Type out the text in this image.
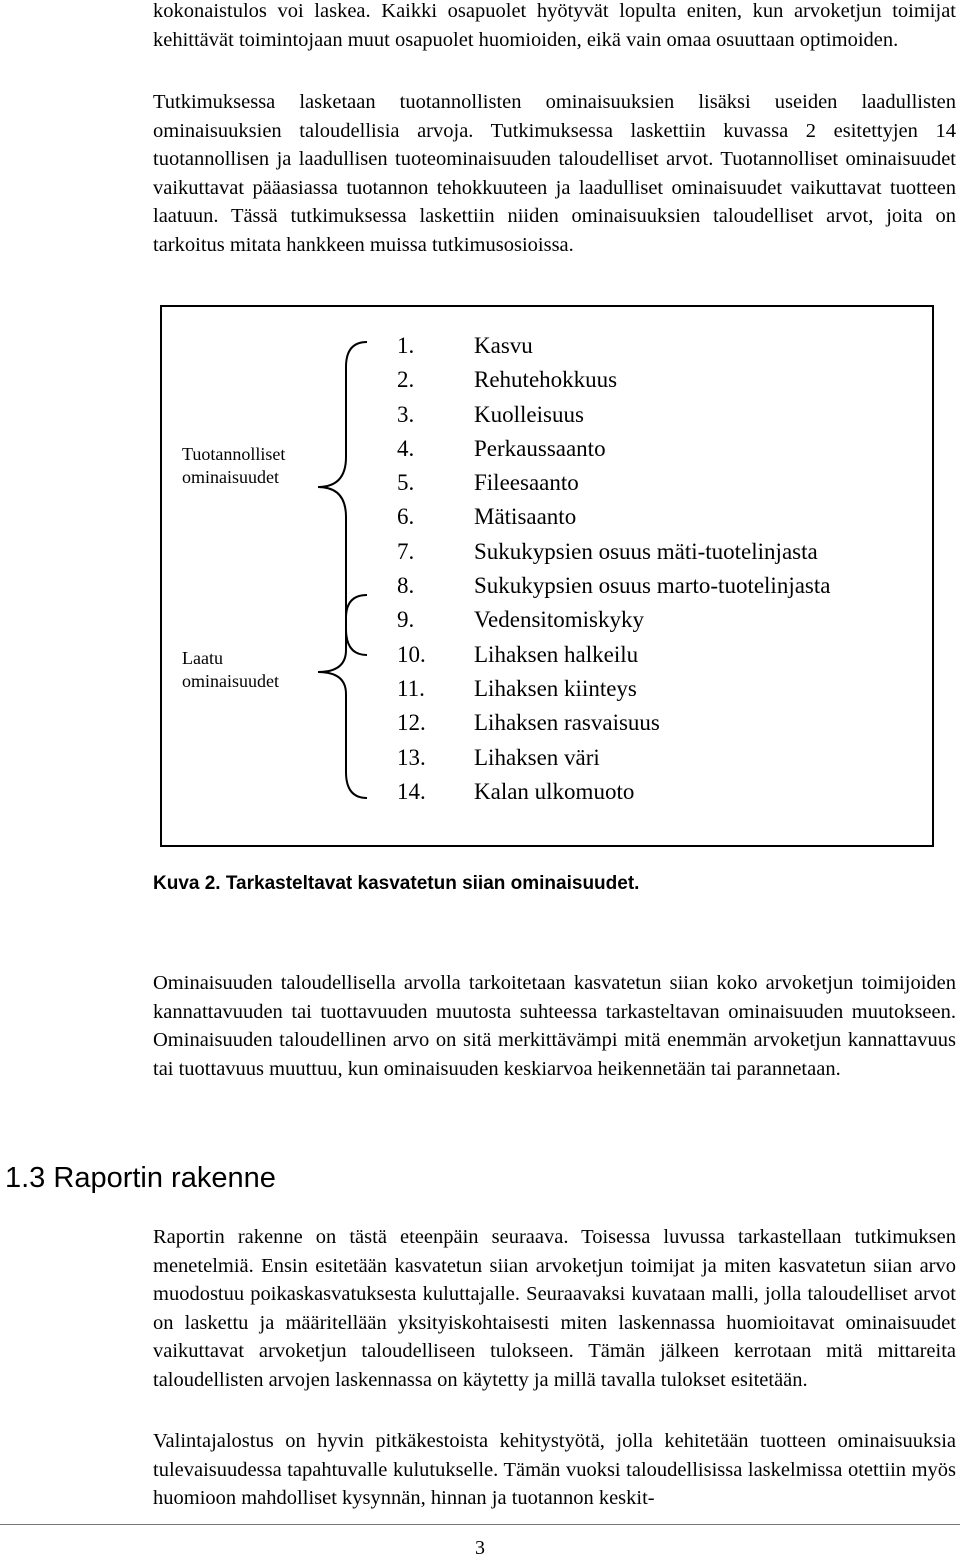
kokonaistulos voi laskea. Kaikki osapuolet hyötyvät lopulta eniten, kun arvoketjun toimijat kehittävät toimintojaan muut osapuolet huomioiden, eikä vain omaa osuuttaan optimoiden.

Tutkimuksessa lasketaan tuotannollisten ominaisuuksien lisäksi useiden laadullisten ominaisuuksien taloudellisia arvoja. Tutkimuksessa laskettiin kuvassa 2 esitettyjen 14 tuotannollisen ja laadullisen tuoteominaisuuden taloudelliset arvot. Tuotannolliset ominaisuudet vaikuttavat pääasiassa tuotannon tehokkuuteen ja laadulliset ominaisuudet vaikuttavat tuotteen laatuun. Tässä tutkimuksessa laskettiin niiden ominaisuuksien taloudelliset arvot, joita on tarkoitus mitata hankkeen muissa tutkimusosioissa.

Tuotannolliset
ominaisuudet
Laatu
ominaisuudet
1.	Kasvu
2.	Rehutehokkuus
3.	Kuolleisuus
4.	Perkaussaanto
5.	Fileesaanto
6.	Mätisaanto
7.	Sukukypsien osuus mäti-tuotelinjasta
8.	Sukukypsien osuus marto-tuotelinjasta
9.	Vedensitomiskyky
10. Lihaksen halkeilu
11. Lihaksen kiinteys
12. Lihaksen rasvaisuus
13. Lihaksen väri
14. Kalan ulkomuoto
Kuva 2. Tarkasteltavat kasvatetun siian ominaisuudet.

Ominaisuuden taloudellisella arvolla tarkoitetaan kasvatetun siian koko arvoketjun toimijoiden kannattavuuden tai tuottavuuden muutosta suhteessa tarkasteltavan ominaisuuden muutokseen. Ominaisuuden taloudellinen arvo on sitä merkittävämpi mitä enemmän arvoketjun kannattavuus tai tuottavuus muuttuu, kun ominaisuuden keskiarvoa heikennetään tai parannetaan.

1.3 Raportin rakenne

Raportin rakenne on tästä eteenpäin seuraava. Toisessa luvussa tarkastellaan tutkimuksen menetelmiä. Ensin esitetään kasvatetun siian arvoketjun toimijat ja miten kasvatetun siian arvo muodostuu poikaskasvatuksesta kuluttajalle. Seuraavaksi kuvataan malli, jolla taloudelliset arvot on laskettu ja määritellään yksityiskohtaisesti miten laskennassa huomioitavat ominaisuudet vaikuttavat arvoketjun taloudelliseen tulokseen. Tämän jälkeen kerrotaan mitä mittareita taloudellisten arvojen laskennassa on käytetty ja millä tavalla tulokset esitetään.

Valintajalostus on hyvin pitkäkestoista kehitystyötä, jolla kehitetään tuotteen ominaisuuksia tulevaisuudessa tapahtuvalle kulutukselle. Tämän vuoksi taloudellisissa laskelmissa otettiin myös huomioon mahdolliset kysynnän, hinnan ja tuotannon keskit-

3
